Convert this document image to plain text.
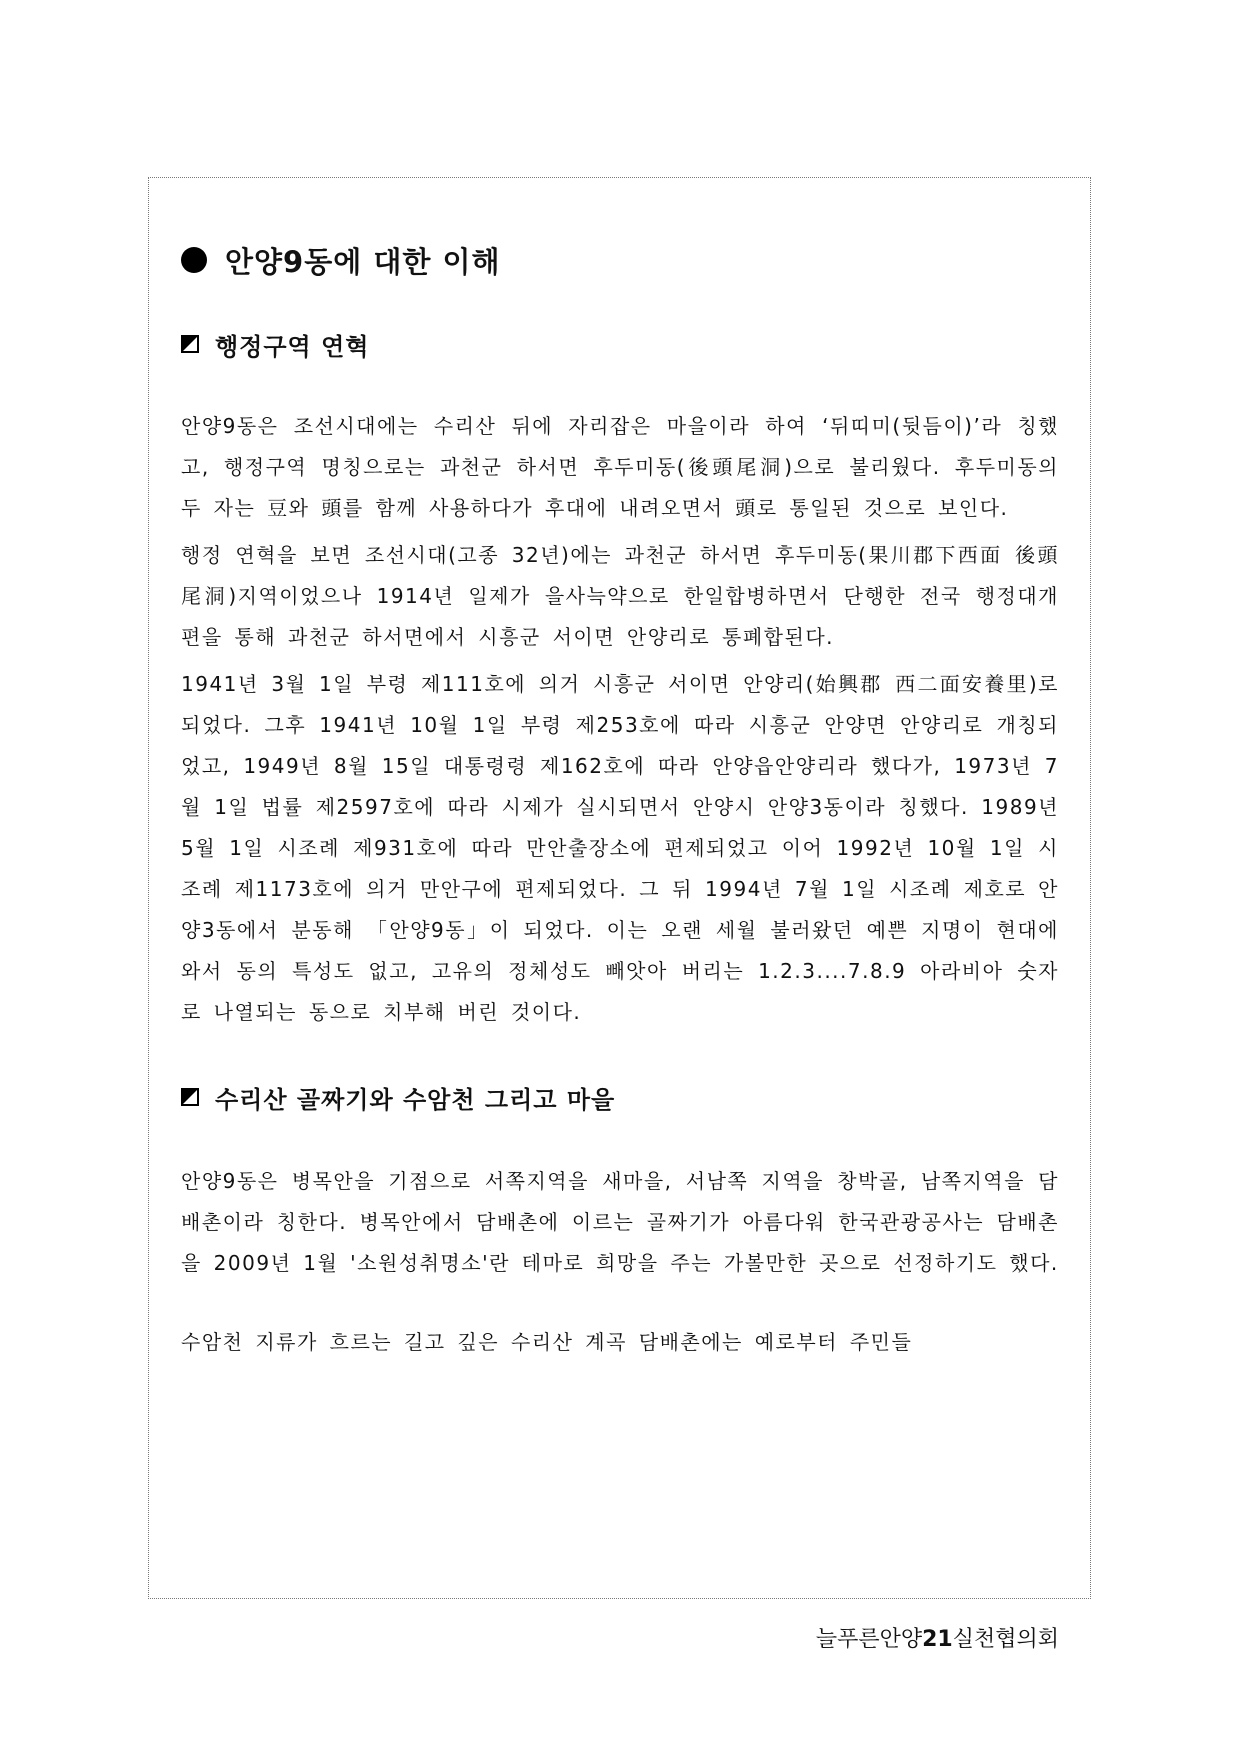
안양9동에 대한 이해
행정구역 연혁

안양9동은 조선시대에는 수리산 뒤에 자리잡은 마을이라 하여 ‘뒤띠미(뒷듬이)’라 칭했고, 행정구역 명칭으로는 과천군 하서면 후두미동(後頭尾洞)으로 불리웠다. 후두미동의 두 자는 豆와 頭를 함께 사용하다가 후대에 내려오면서 頭로 통일된 것으로 보인다.

행정 연혁을 보면 조선시대(고종 32년)에는 과천군 하서면 후두미동(果川郡下西面 後頭尾洞)지역이었으나 1914년 일제가 을사늑약으로 한일합병하면서 단행한 전국 행정대개편을 통해 과천군 하서면에서 시흥군 서이면 안양리로 통폐합된다.

1941년 3월 1일 부령 제111호에 의거 시흥군 서이면 안양리(始興郡 西二面安養里)로 되었다. 그후 1941년 10월 1일 부령 제253호에 따라 시흥군 안양면 안양리로 개칭되었고, 1949년 8월 15일 대통령령 제162호에 따라 안양읍안양리라 했다가, 1973년 7월 1일 법률 제2597호에 따라 시제가 실시되면서 안양시 안양3동이라 칭했다. 1989년 5월 1일 시조례 제931호에 따라 만안출장소에 편제되었고 이어 1992년 10월 1일 시조례 제1173호에 의거 만안구에 편제되었다. 그 뒤 1994년 7월 1일 시조례 제호로 안양3동에서 분동해 「안양9동」이 되었다. 이는 오랜 세월 불러왔던 예쁜 지명이 현대에 와서 동의 특성도 없고, 고유의 정체성도 빼앗아 버리는 1.2.3....7.8.9 아라비아 숫자로 나열되는 동으로 치부해 버린 것이다.

수리산 골짜기와 수암천 그리고 마을

안양9동은 병목안을 기점으로 서쪽지역을 새마을, 서남쪽 지역을 창박골, 남쪽지역을 담배촌이라 칭한다. 병목안에서 담배촌에 이르는 골짜기가 아름다워 한국관광공사는 담배촌을 2009년 1월 '소원성취명소'란 테마로 희망을 주는 가볼만한 곳으로 선정하기도 했다.

수암천 지류가 흐르는 길고 깊은 수리산 계곡 담배촌에는 예로부터 주민들

늘푸른안양21실천협의회
